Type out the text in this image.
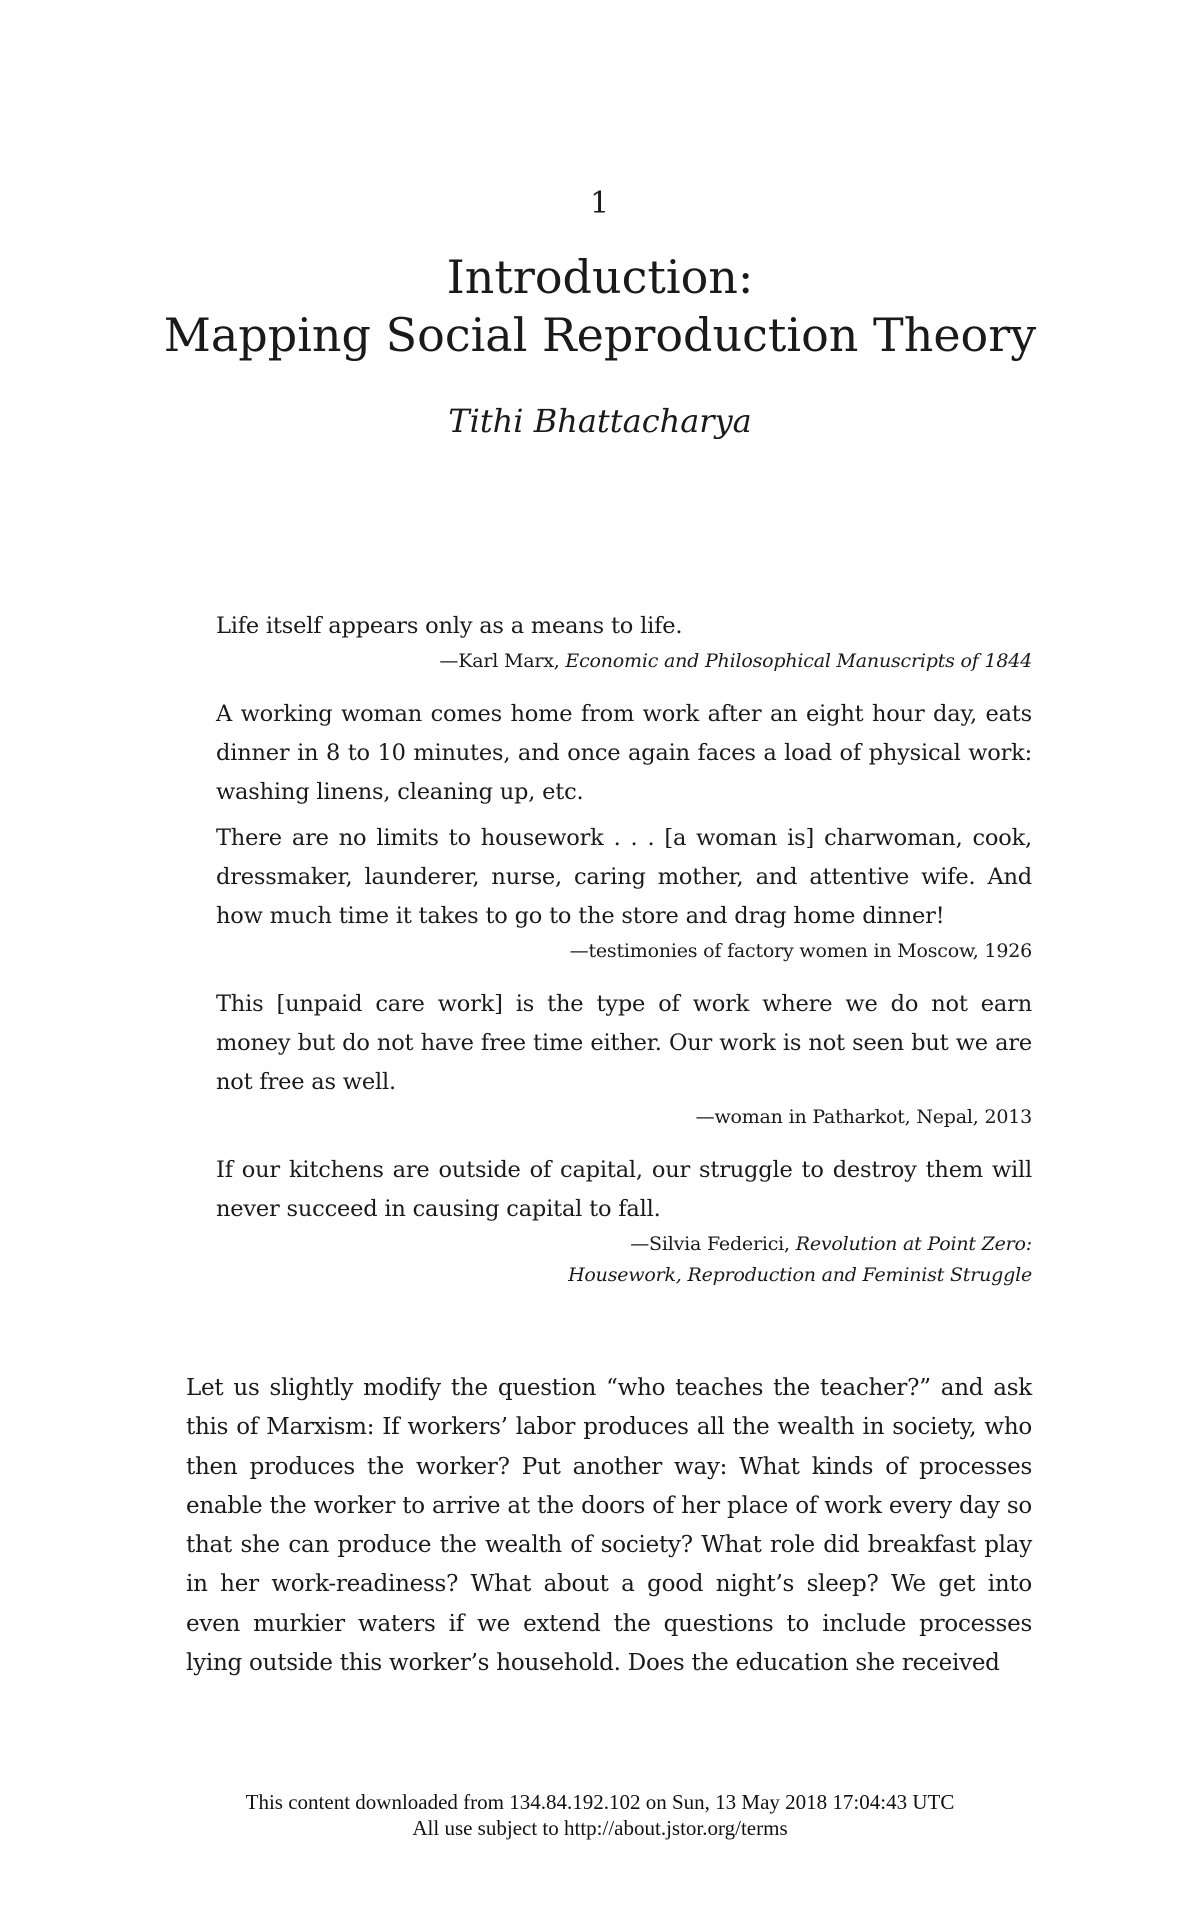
1
Introduction:
Mapping Social Reproduction Theory
Tithi Bhattacharya

Life itself appears only as a means to life.

—Karl Marx, Economic and Philosophical Manuscripts of 1844

A working woman comes home from work after an eight hour day, eats dinner in 8 to 10 minutes, and once again faces a load of physical work: washing linens, cleaning up, etc.

There are no limits to housework . . . [a woman is] charwoman, cook, dressmaker, launderer, nurse, caring mother, and attentive wife. And how much time it takes to go to the store and drag home dinner!

—testimonies of factory women in Moscow, 1926

This [unpaid care work] is the type of work where we do not earn money but do not have free time either. Our work is not seen but we are not free as well.

—woman in Patharkot, Nepal, 2013

If our kitchens are outside of capital, our struggle to destroy them will never succeed in causing capital to fall.

—Silvia Federici, Revolution at Point Zero:

Housework, Reproduction and Feminist Struggle

Let us slightly modify the question “who teaches the teacher?” and ask this of Marxism: If workers’ labor produces all the wealth in society, who then produces the worker? Put another way: What kinds of processes enable the worker to arrive at the doors of her place of work every day so that she can produce the wealth of society? What role did breakfast play in her work-readiness? What about a good night’s sleep? We get into even murkier waters if we extend the questions to include processes lying outside this worker’s household. Does the education she received

This content downloaded from 134.84.192.102 on Sun, 13 May 2018 17:04:43 UTC
All use subject to http://about.jstor.org/terms
